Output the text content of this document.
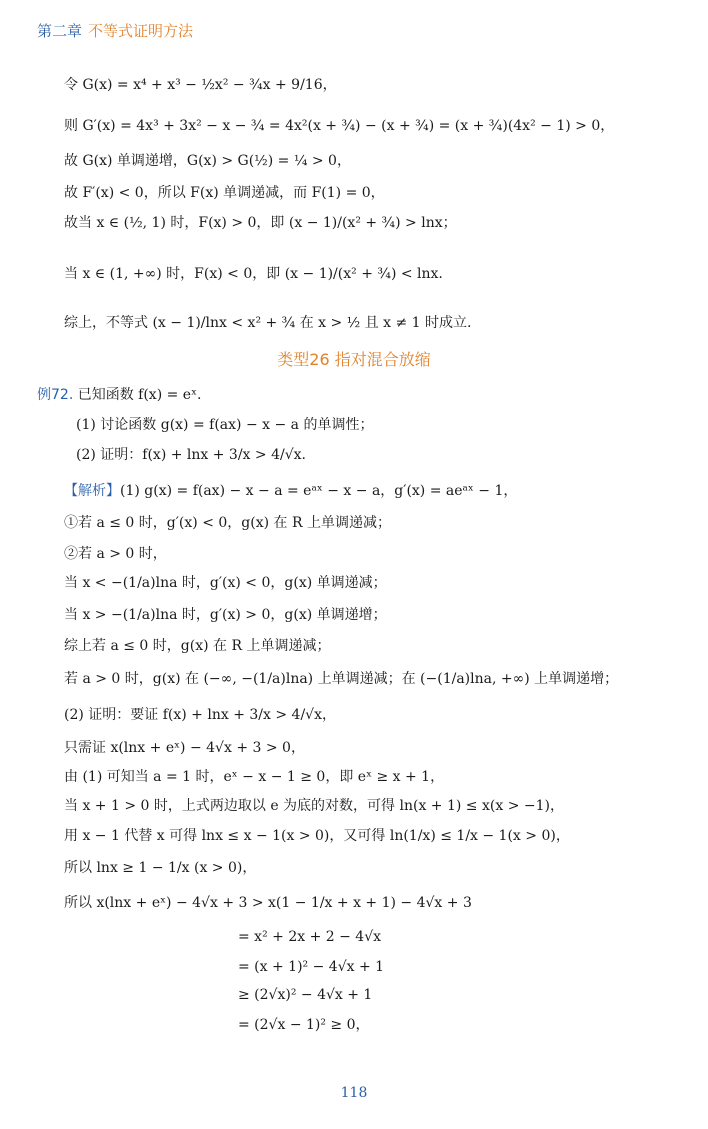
第二章 不等式证明方法
令 G(x) = x⁴ + x³ − ½x² − ¾x + 9/16，
则 G′(x) = 4x³ + 3x² − x − ¾ = 4x²(x + ¾) − (x + ¾) = (x + ¾)(4x² − 1) > 0，
故 G(x) 单调递增，G(x) > G(½) = ¼ > 0，
故 F′(x) < 0，所以 F(x) 单调递减，而 F(1) = 0，
故当 x ∈ (½, 1) 时，F(x) > 0，即 (x − 1)/(x² + ¾) > lnx；
当 x ∈ (1, +∞) 时，F(x) < 0，即 (x − 1)/(x² + ¾) < lnx.
综上，不等式 (x − 1)/lnx < x² + ¾ 在 x > ½ 且 x ≠ 1 时成立.
类型26 指对混合放缩
例72. 已知函数 f(x) = eˣ.
(1) 讨论函数 g(x) = f(ax) − x − a 的单调性；
(2) 证明：f(x) + lnx + 3/x > 4/√x.
【解析】(1) g(x) = f(ax) − x − a = eᵃˣ − x − a，g′(x) = aeᵃˣ − 1，
①若 a ≤ 0 时，g′(x) < 0，g(x) 在 R 上单调递减；
②若 a > 0 时，
当 x < −(1/a)lna 时，g′(x) < 0，g(x) 单调递减；
当 x > −(1/a)lna 时，g′(x) > 0，g(x) 单调递增；
综上若 a ≤ 0 时，g(x) 在 R 上单调递减；
若 a > 0 时，g(x) 在 (−∞, −(1/a)lna) 上单调递减；在 (−(1/a)lna, +∞) 上单调递增；
(2) 证明：要证 f(x) + lnx + 3/x > 4/√x，
只需证 x(lnx + eˣ) − 4√x + 3 > 0，
由 (1) 可知当 a = 1 时，eˣ − x − 1 ≥ 0，即 eˣ ≥ x + 1，
当 x + 1 > 0 时，上式两边取以 e 为底的对数，可得 ln(x + 1) ≤ x(x > −1)，
用 x − 1 代替 x 可得 lnx ≤ x − 1(x > 0)，又可得 ln(1/x) ≤ 1/x − 1(x > 0)，
所以 lnx ≥ 1 − 1/x (x > 0)，
所以 x(lnx + eˣ) − 4√x + 3 > x(1 − 1/x + x + 1) − 4√x + 3
= x² + 2x + 2 − 4√x
= (x + 1)² − 4√x + 1
≥ (2√x)² − 4√x + 1
= (2√x − 1)² ≥ 0，
118
